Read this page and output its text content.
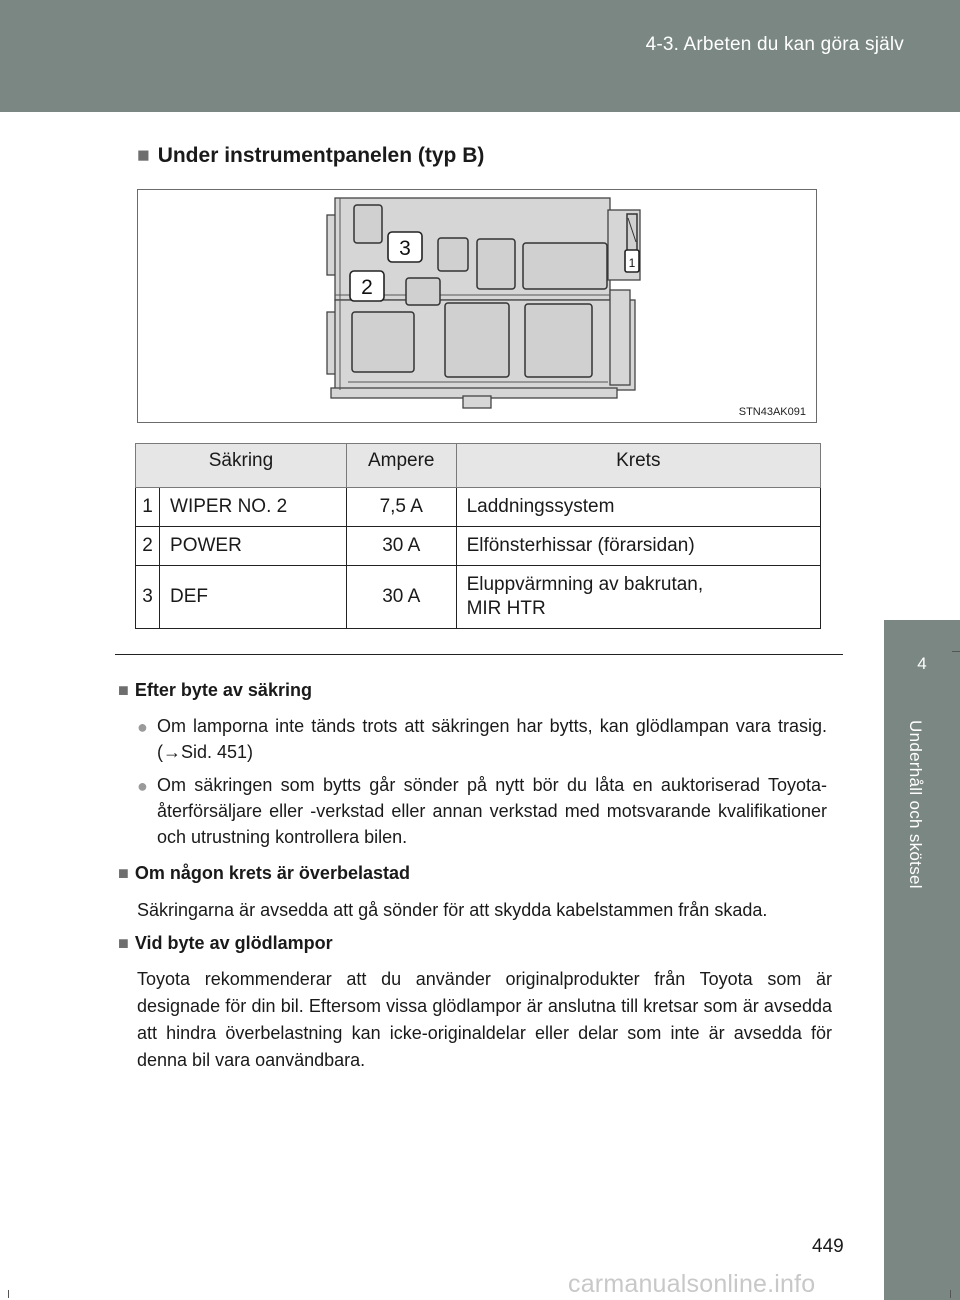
4-3. Arbeten du kan göra själv
4
Underhåll och skötsel
■ Under instrumentpanelen (typ B)
3
2
1
STN43AK091
Säkring		Ampere	Krets
1	WIPER NO. 2	7,5 A	Laddningssystem
2	POWER	30 A	Elfönsterhissar (förarsidan)
3	DEF	30 A	Eluppvärmning av bakrutan,
MIR HTR
■ Efter byte av säkring
● Om lamporna inte tänds trots att säkringen har bytts, kan glödlampan vara trasig. (→Sid. 451)
● Om säkringen som bytts går sönder på nytt bör du låta en auktoriserad Toyota-återförsäljare eller -verkstad eller annan verkstad med motsvarande kvalifikationer och utrustning kontrollera bilen.
■ Om någon krets är överbelastad
Säkringarna är avsedda att gå sönder för att skydda kabelstammen från skada.
■ Vid byte av glödlampor
Toyota rekommenderar att du använder originalprodukter från Toyota som är designade för din bil. Eftersom vissa glödlampor är anslutna till kretsar som är avsedda att hindra överbelastning kan icke-originaldelar eller delar som inte är avsedda för denna bil vara oanvändbara.
449
carmanualsonline.info
